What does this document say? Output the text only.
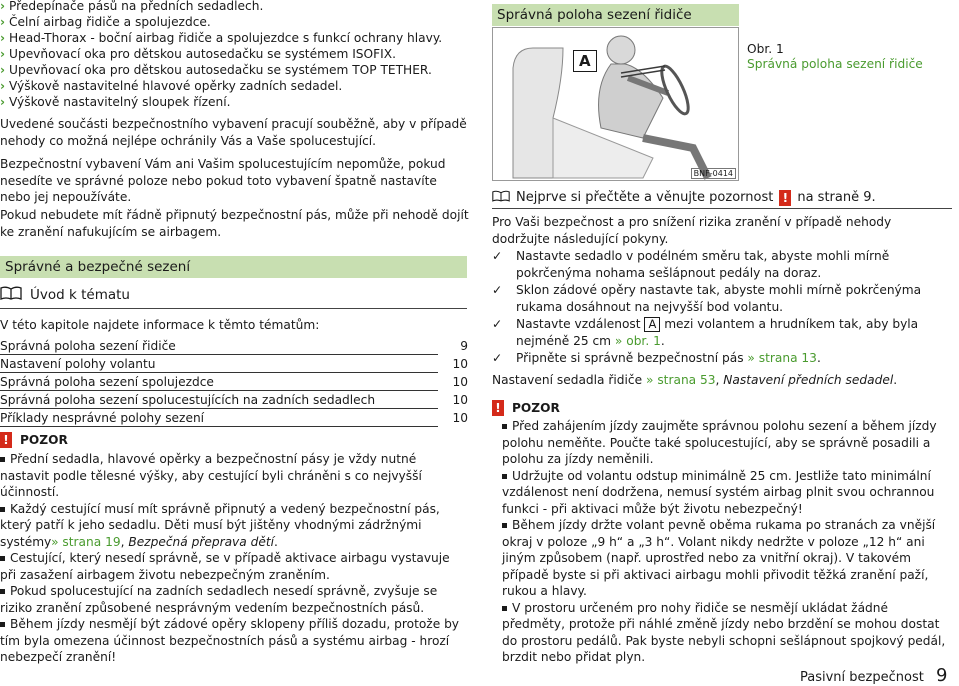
› Předepínače pásů na předních sedadlech.
› Čelní airbag řidiče a spolujezdce.
› Head-Thorax - boční airbag řidiče a spolujezdce s funkcí ochrany hlavy.
› Upevňovací oka pro dětskou autosedačku se systémem ISOFIX.
› Upevňovací oka pro dětskou autosedačku se systémem TOP TETHER.
› Výškově nastavitelné hlavové opěrky zadních sedadel.
› Výškově nastavitelný sloupek řízení.

Uvedené součásti bezpečnostního vybavení pracují souběžně, aby v případě nehody co možná nejlépe ochránily Vás a Vaše spolucestující.

Bezpečnostní vybavení Vám ani Vašim spolucestujícím nepomůže, pokud nesedíte ve správné poloze nebo pokud toto vybavení špatně nastavíte nebo jej nepoužíváte.

Pokud nebudete mít řádně připnutý bezpečnostní pás, může při nehodě dojít ke zranění nafukujícím se airbagem.

Správné a bezpečné sezení
Úvod k tématu

V této kapitole najdete informace k těmto tématům:

Správná poloha sezení řidiče	9
Nastavení polohy volantu	10
Správná poloha sezení spolujezdce	10
Správná poloha sezení spolucestujících na zadních sedadlech	10
Příklady nesprávné polohy sezení	10
! POZOR

Přední sedadla, hlavové opěrky a bezpečnostní pásy je vždy nutné nastavit podle tělesné výšky, aby cestující byli chráněni s co nejvyšší účinností.

Každý cestující musí mít správně připnutý a vedený bezpečnostní pás, který patří k jeho sedadlu. Děti musí být jištěny vhodnými zádržnými systémy» strana 19, Bezpečná přeprava dětí.

Cestující, který nesedí správně, se v případě aktivace airbagu vystavuje při zasažení airbagem životu nebezpečným zraněním.

Pokud spolucestující na zadních sedadlech nesedí správně, zvyšuje se riziko zranění způsobené nesprávným vedením bezpečnostních pásů.

Během jízdy nesmějí být zádové opěry sklopeny příliš dozadu, protože by tím byla omezena účinnost bezpečnostních pásů a systému airbag - hrozí nebezpečí zranění!

Správná poloha sezení řidiče
A
BNF-0414
Obr. 1
Správná poloha sezení řidiče
Nejprve si přečtěte a věnujte pozornost ! na straně 9.

Pro Vaši bezpečnost a pro snížení rizika zranění v případě nehody dodržujte následující pokyny.

✓ Nastavte sedadlo v podélném směru tak, abyste mohli mírně pokrčenýma nohama sešlápnout pedály na doraz.

✓ Sklon zádové opěry nastavte tak, abyste mohli mírně pokrčenýma rukama dosáhnout na nejvyšší bod volantu.

✓ Nastavte vzdálenost A mezi volantem a hrudníkem tak, aby byla nejméně 25 cm » obr. 1.

✓ Připněte si správně bezpečnostní pás » strana 13.

Nastavení sedadla řidiče » strana 53, Nastavení předních sedadel.

! POZOR

Před zahájením jízdy zaujměte správnou polohu sezení a během jízdy polohu neměňte. Poučte také spolucestující, aby se správně posadili a polohu za jízdy neměnili.

Udržujte od volantu odstup minimálně 25 cm. Jestliže tato minimální vzdálenost není dodržena, nemusí systém airbag plnit svou ochrannou funkci - při aktivaci může být životu nebezpečný!

Během jízdy držte volant pevně oběma rukama po stranách za vnější okraj v poloze „9 h“ a „3 h“. Volant nikdy nedržte v poloze „12 h“ ani jiným způsobem (např. uprostřed nebo za vnitřní okraj). V takovém případě byste si při aktivaci airbagu mohli přivodit těžká zranění paží, rukou a hlavy.

V prostoru určeném pro nohy řidiče se nesmějí ukládat žádné předměty, protože při náhlé změně jízdy nebo brzdění se mohou dostat do prostoru pedálů. Pak byste nebyli schopni sešlápnout spojkový pedál, brzdit nebo přidat plyn.

Pasivní bezpečnost 9
